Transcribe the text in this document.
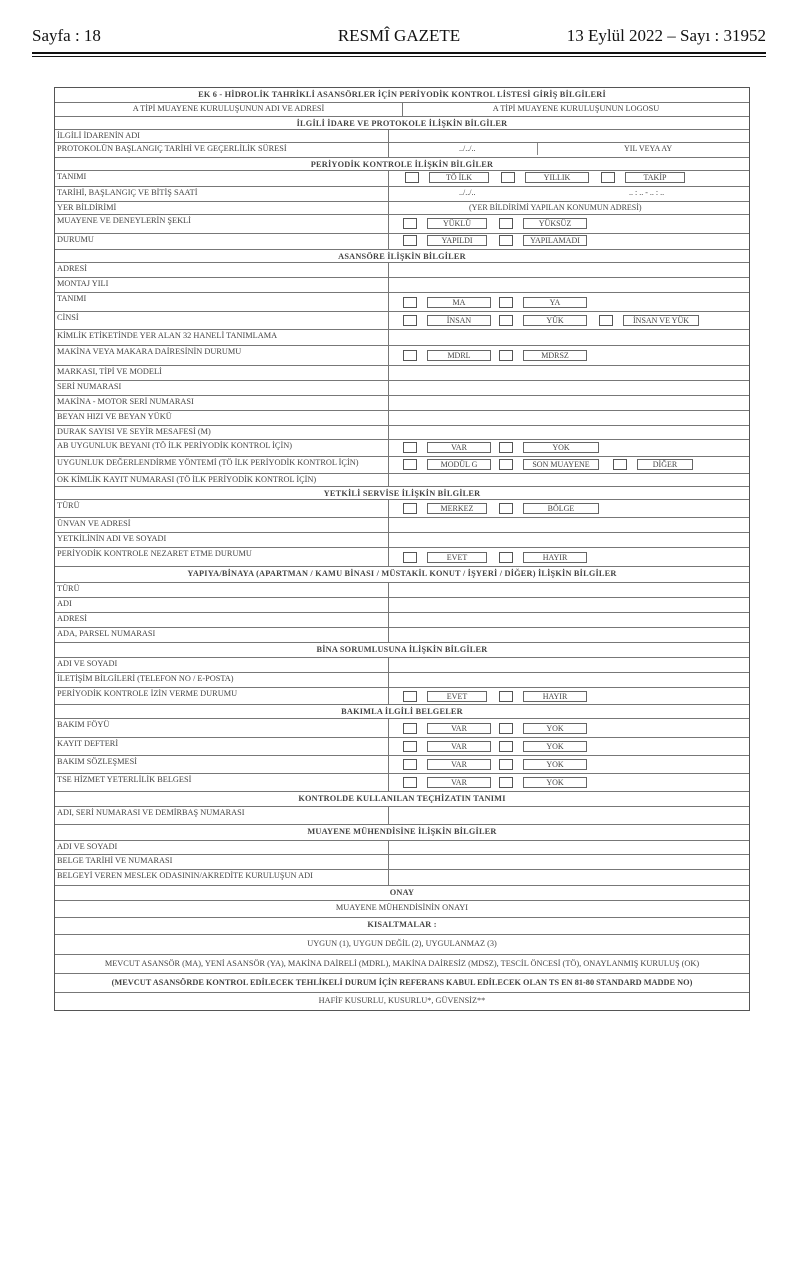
RESMÎ GAZETE
Sayfa : 18	13 Eylül 2022 – Sayı : 31952
EK 6 - HİDROLİK TAHRİKLİ ASANSÖRLER İÇİN PERİYODİK KONTROL LİSTESİ GİRİŞ BİLGİLERİ
A TİPİ MUAYENE KURULUŞUNUN ADI VE ADRESİ	A TİPİ MUAYENE KURULUŞUNUN LOGOSU
İLGİLİ İDARE VE PROTOKOLE İLİŞKİN BİLGİLER
İLGİLİ İDARENİN ADI
PROTOKOLÜN BAŞLANGIÇ TARİHİ VE GEÇERLİLİK SÜRESİ	../../..	YIL VEYA AY
PERİYODİK KONTROLE İLİŞKİN BİLGİLER
TANIMI	TÖ İLK	YILLIK	TAKİP
TARİHİ, BAŞLANGIÇ VE BİTİŞ SAATİ	../../..	.. : .. - .. : ..
YER BİLDİRİMİ	(YER BİLDİRİMİ YAPILAN KONUMUN ADRESİ)
MUAYENE VE DENEYLERİN ŞEKLİ	YÜKLÜ	YÜKSÜZ
DURUMU	YAPILDI	YAPILAMADI
ASANSÖRE İLİŞKİN BİLGİLER
ADRESİ
MONTAJ YILI
TANIMI	MA	YA
CİNSİ	İNSAN	YÜK	İNSAN VE YÜK
KİMLİK ETİKETİNDE YER ALAN 32 HANELİ TANIMLAMA
MAKİNA VEYA MAKARA DAİRESİNİN DURUMU	MDRL	MDRSZ
MARKASI, TİPİ VE MODELİ
SERİ NUMARASI
MAKİNA - MOTOR SERİ NUMARASI
BEYAN HIZI VE BEYAN YÜKÜ
DURAK SAYISI VE SEYİR MESAFESİ (M)
AB UYGUNLUK BEYANI (TÖ İLK PERİYODİK KONTROL İÇİN)	VAR	YOK
UYGUNLUK DEĞERLENDİRME YÖNTEMİ (TÖ İLK PERİYODİK KONTROL İÇİN)	MODÜL G	SON MUAYENE	DİĞER
OK KİMLİK KAYIT NUMARASI (TÖ İLK PERİYODİK KONTROL İÇİN)
YETKİLİ SERVİSE İLİŞKİN BİLGİLER
TÜRÜ	MERKEZ	BÖLGE
ÜNVAN VE ADRESİ
YETKİLİNİN ADI VE SOYADI
PERİYODİK KONTROLE NEZARET ETME DURUMU	EVET	HAYIR
YAPIYA/BİNAYA (APARTMAN / KAMU BİNASI / MÜSTAKİL KONUT / İŞYERİ / DİĞER) İLİŞKİN BİLGİLER
TÜRÜ
ADI
ADRESİ
ADA, PARSEL NUMARASI
BİNA SORUMLUSUNA İLİŞKİN BİLGİLER
ADI VE SOYADI
İLETİŞİM BİLGİLERİ (TELEFON NO / E-POSTA)
PERİYODİK KONTROLE İZİN VERME DURUMU	EVET	HAYIR
BAKIMLA İLGİLİ BELGELER
BAKIM FÖYÜ	VAR	YOK
KAYIT DEFTERİ	VAR	YOK
BAKIM SÖZLEŞMESİ	VAR	YOK
TSE HİZMET YETERLİLİK BELGESİ	VAR	YOK
KONTROLDE KULLANILAN TEÇHİZATIN TANIMI
ADI, SERİ NUMARASI VE DEMİRBAŞ NUMARASI
MUAYENE MÜHENDİSİNE İLİŞKİN BİLGİLER
ADI VE SOYADI
BELGE TARİHİ VE NUMARASI
BELGEYİ VEREN MESLEK ODASININ/AKREDİTE KURULUŞUN ADI
ONAY
MUAYENE MÜHENDİSİNİN ONAYI
KISALTMALAR :
UYGUN (1), UYGUN DEĞİL (2), UYGULANMAZ (3)
MEVCUT ASANSÖR (MA), YENİ ASANSÖR (YA), MAKİNA DAİRELİ (MDRL), MAKİNA DAİRESİZ (MDSZ), TESCİL ÖNCESİ (TÖ), ONAYLANMIŞ KURULUŞ (OK)
(MEVCUT ASANSÖRDE KONTROL EDİLECEK TEHLİKELİ DURUM İÇİN REFERANS KABUL EDİLECEK OLAN TS EN 81-80 STANDARD MADDE NO)
HAFİF KUSURLU, KUSURLU*, GÜVENSİZ**
